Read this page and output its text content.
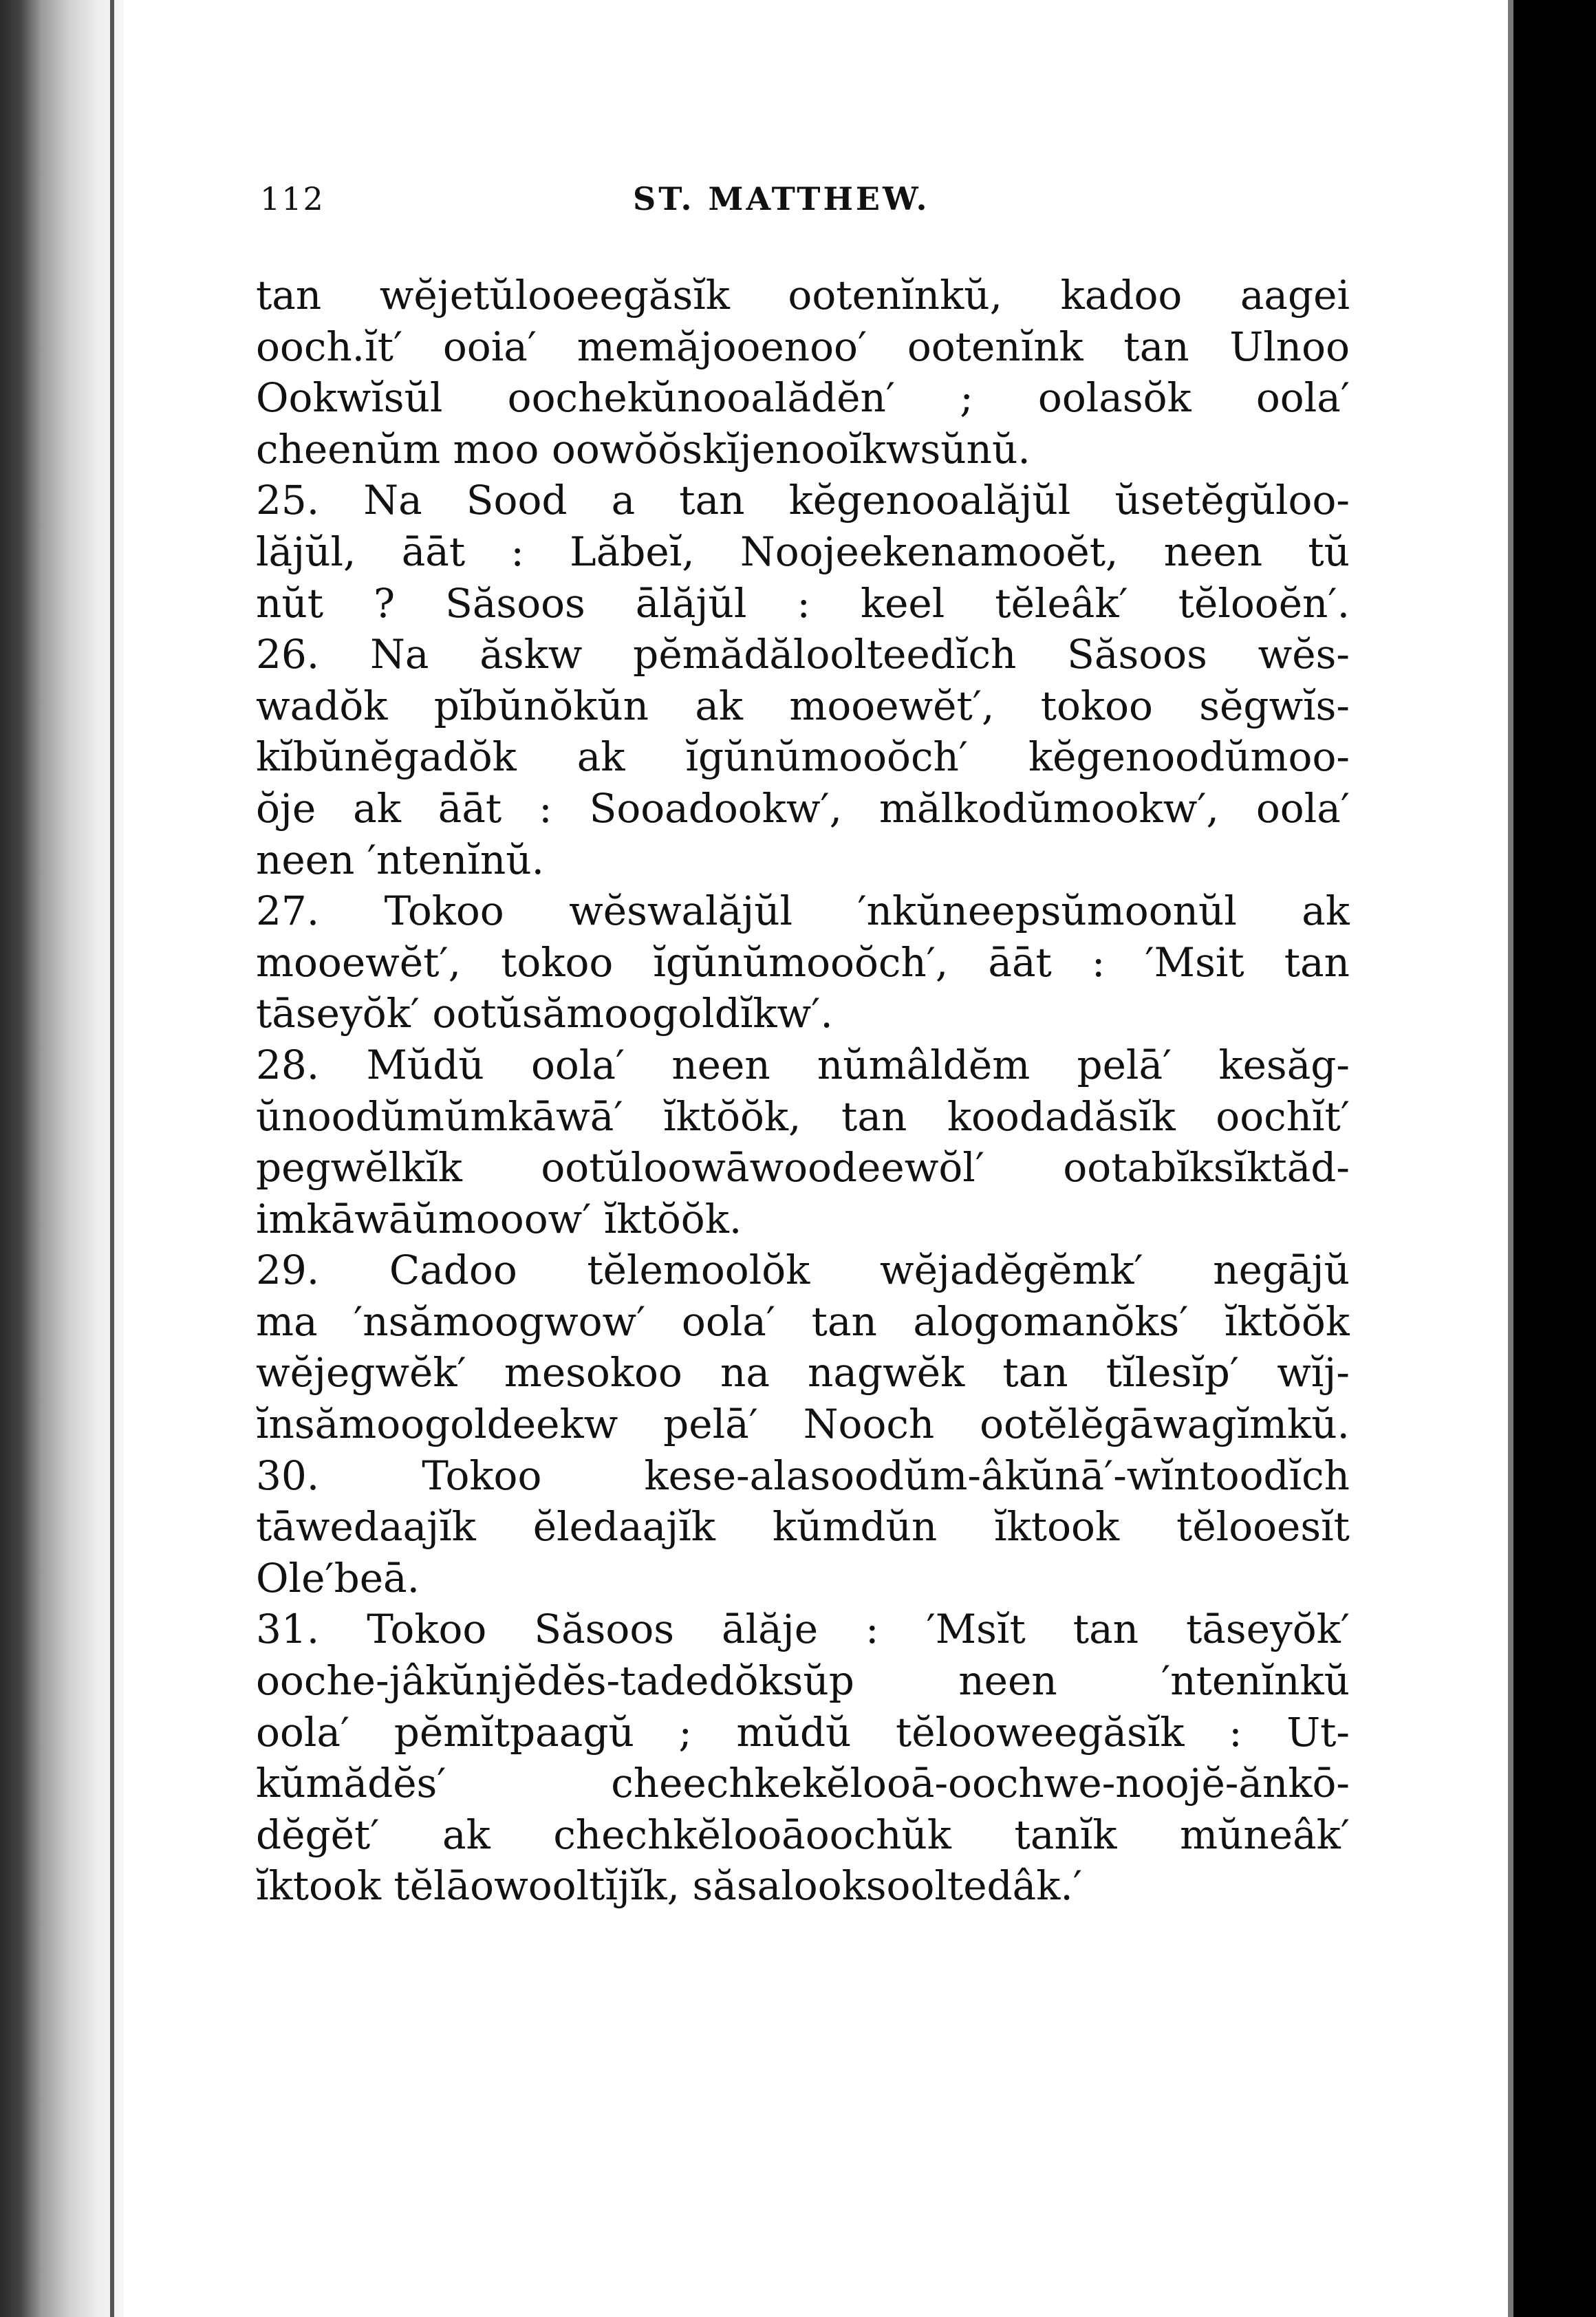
112	ST. MATTHEW.
tan wĕjetŭlooeegăsĭk ootenĭnkŭ, kadoo aagei
ooch.ĭt′ ooia′ memăjooenoo′ ootenĭnk tan Ulnoo
Ookwĭsŭl oochekŭnooalădĕn′ ; oolasŏk oola′
cheenŭm moo oowŏŏskĭjenooĭkwsŭnŭ.
25. Na Sood a tan kĕgenooalăjŭl ŭsetĕgŭloo-
lăjŭl, āāt : Lăbeĭ, Noojeekenamooĕt, neen tŭ
nŭt ? Săsoos ālăjŭl : keel tĕleâk′ tĕlooĕn′.
26. Na ăskw pĕmădăloolteedĭch Săsoos wĕs-
wadŏk pĭbŭnŏkŭn ak mooewĕt′, tokoo sĕgwĭs-
kĭbŭnĕgadŏk ak ĭgŭnŭmooŏch′ kĕgenoodŭmoo-
ŏje ak āāt : Sooadookw′, mălkodŭmookw′, oola′
neen ′ntenĭnŭ.
27. Tokoo wĕswalăjŭl ′nkŭneepsŭmoonŭl ak
mooewĕt′, tokoo ĭgŭnŭmooŏch′, āāt : ′Msit tan
tāseyŏk′ ootŭsămoogoldĭkw′.
28. Mŭdŭ oola′ neen nŭmâldĕm pelā′ kesăg-
ŭnoodŭmŭmkāwā′ ĭktŏŏk, tan koodadăsĭk oochĭt′
pegwĕlkĭk ootŭloowāwoodeewŏl′ ootabĭksĭktăd-
imkāwāŭmooow′ ĭktŏŏk.
29. Cadoo tĕlemoolŏk wĕjadĕgĕmk′ negājŭ
ma ′nsămoogwow′ oola′ tan alogomanŏks′ ĭktŏŏk
wĕjegwĕk′ mesokoo na nagwĕk tan tĭlesĭp′ wĭj-
ĭnsămoogoldeekw pelā′ Nooch ootĕlĕgāwagĭmkŭ.
30. Tokoo kese-alasoodŭm-âkŭnā′-wĭntoodĭch
tāwedaajĭk ĕledaajĭk kŭmdŭn ĭktook tĕlooesĭt
Ole′beā.
31. Tokoo Săsoos ālăje : ′Msĭt tan tāseyŏk′
ooche-jâkŭnjĕdĕs-tadedŏksŭp neen ′ntenĭnkŭ
oola′ pĕmĭtpaagŭ ; mŭdŭ tĕlooweegăsĭk : Ut-
kŭmădĕs′ cheechkekĕlooā-oochwe-noojĕ-ănkō-
dĕgĕt′ ak chechkĕlooāoochŭk tanĭk mŭneâk′
ĭktook tĕlāowooltĭjĭk, săsalooksooltedâk.′
